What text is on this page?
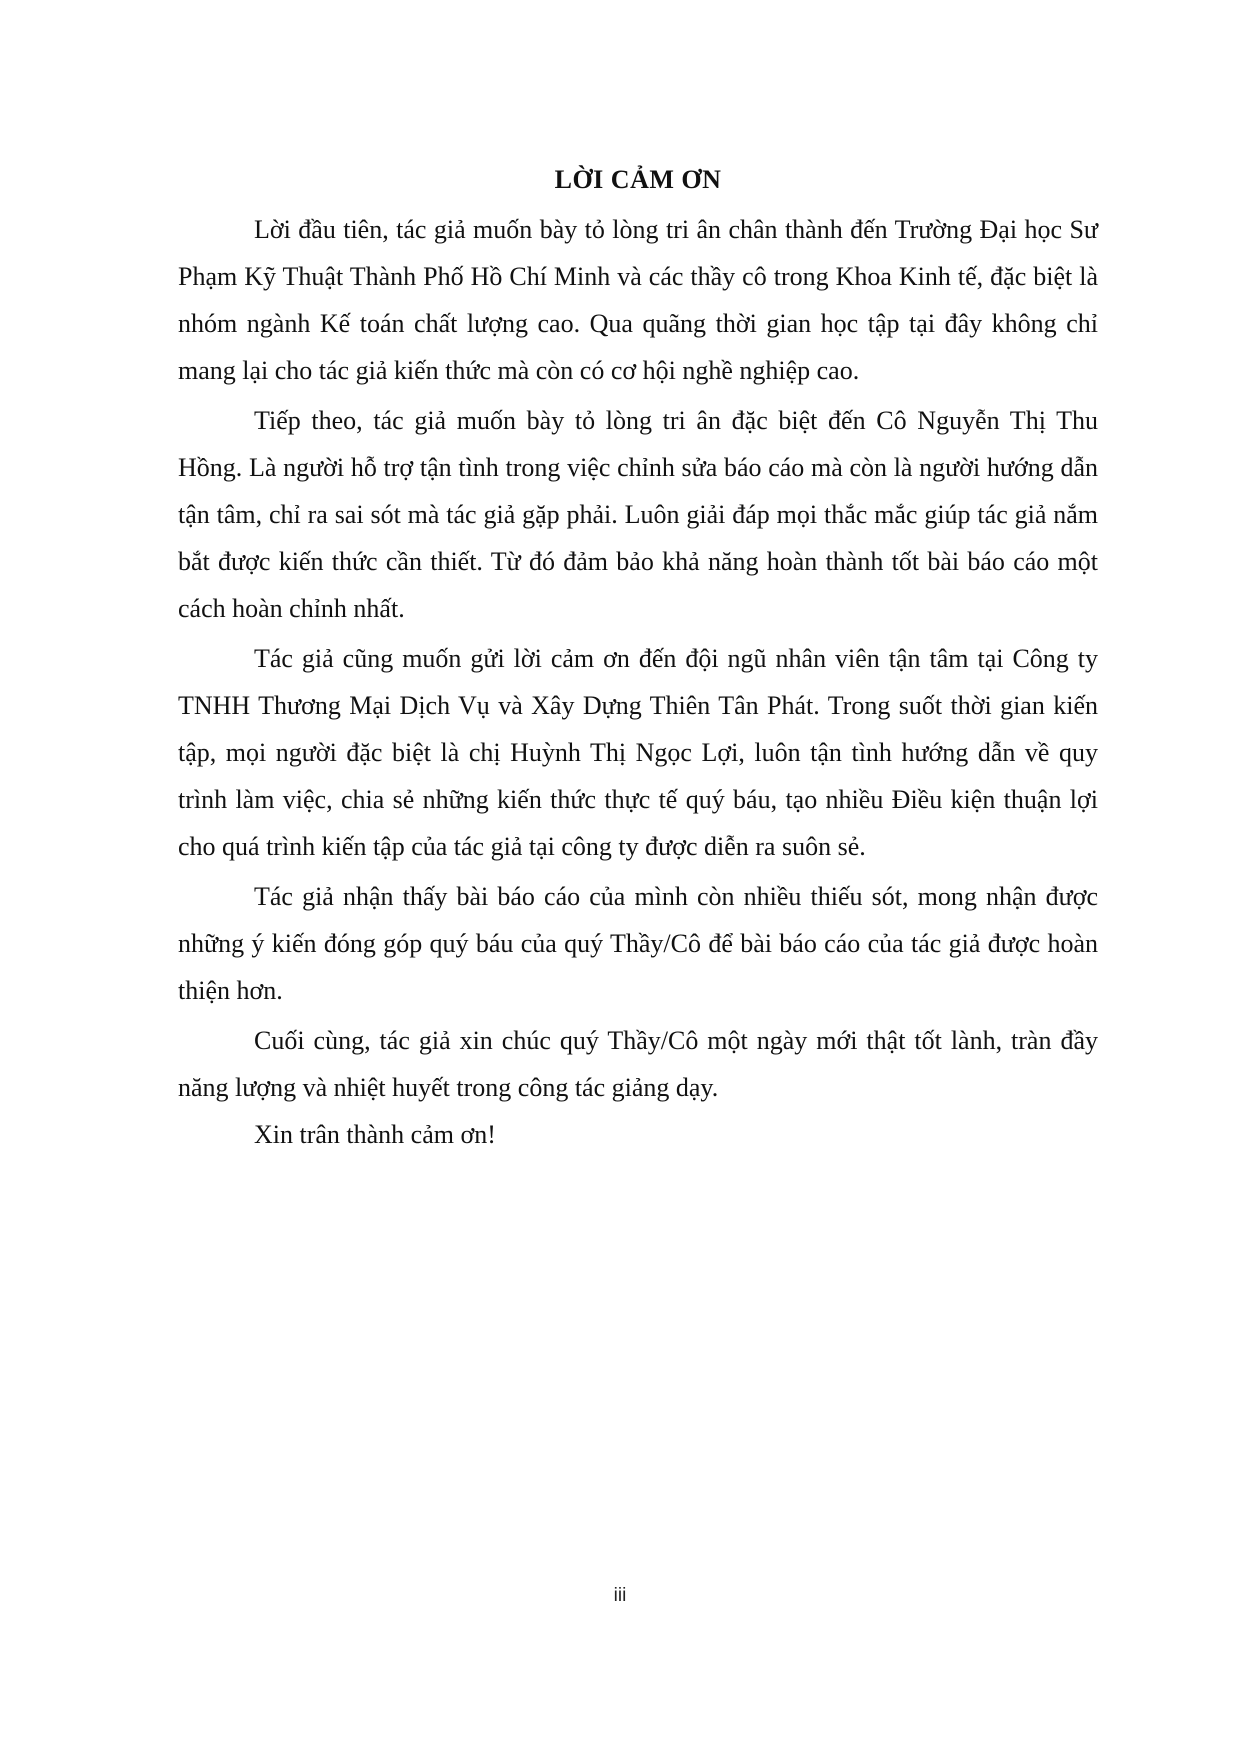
LỜI CẢM ƠN

Lời đầu tiên, tác giả muốn bày tỏ lòng tri ân chân thành đến Trường Đại học Sư Phạm Kỹ Thuật Thành Phố Hồ Chí Minh và các thầy cô trong Khoa Kinh tế, đặc biệt là nhóm ngành Kế toán chất lượng cao. Qua quãng thời gian học tập tại đây không chỉ mang lại cho tác giả kiến thức mà còn có cơ hội nghề nghiệp cao.

Tiếp theo, tác giả muốn bày tỏ lòng tri ân đặc biệt đến Cô Nguyễn Thị Thu Hồng. Là người hỗ trợ tận tình trong việc chỉnh sửa báo cáo mà còn là người hướng dẫn tận tâm, chỉ ra sai sót mà tác giả gặp phải. Luôn giải đáp mọi thắc mắc giúp tác giả nắm bắt được kiến thức cần thiết. Từ đó đảm bảo khả năng hoàn thành tốt bài báo cáo một cách hoàn chỉnh nhất.

Tác giả cũng muốn gửi lời cảm ơn đến đội ngũ nhân viên tận tâm tại Công ty TNHH Thương Mại Dịch Vụ và Xây Dựng Thiên Tân Phát. Trong suốt thời gian kiến tập, mọi người đặc biệt là chị Huỳnh Thị Ngọc Lợi, luôn tận tình hướng dẫn về quy trình làm việc, chia sẻ những kiến thức thực tế quý báu, tạo nhiều Điều kiện thuận lợi cho quá trình kiến tập của tác giả tại công ty được diễn ra suôn sẻ.

Tác giả nhận thấy bài báo cáo của mình còn nhiều thiếu sót, mong nhận được những ý kiến đóng góp quý báu của quý Thầy/Cô để bài báo cáo của tác giả được hoàn thiện hơn.

Cuối cùng, tác giả xin chúc quý Thầy/Cô một ngày mới thật tốt lành, tràn đầy năng lượng và nhiệt huyết trong công tác giảng dạy.

Xin trân thành cảm ơn!

iii
